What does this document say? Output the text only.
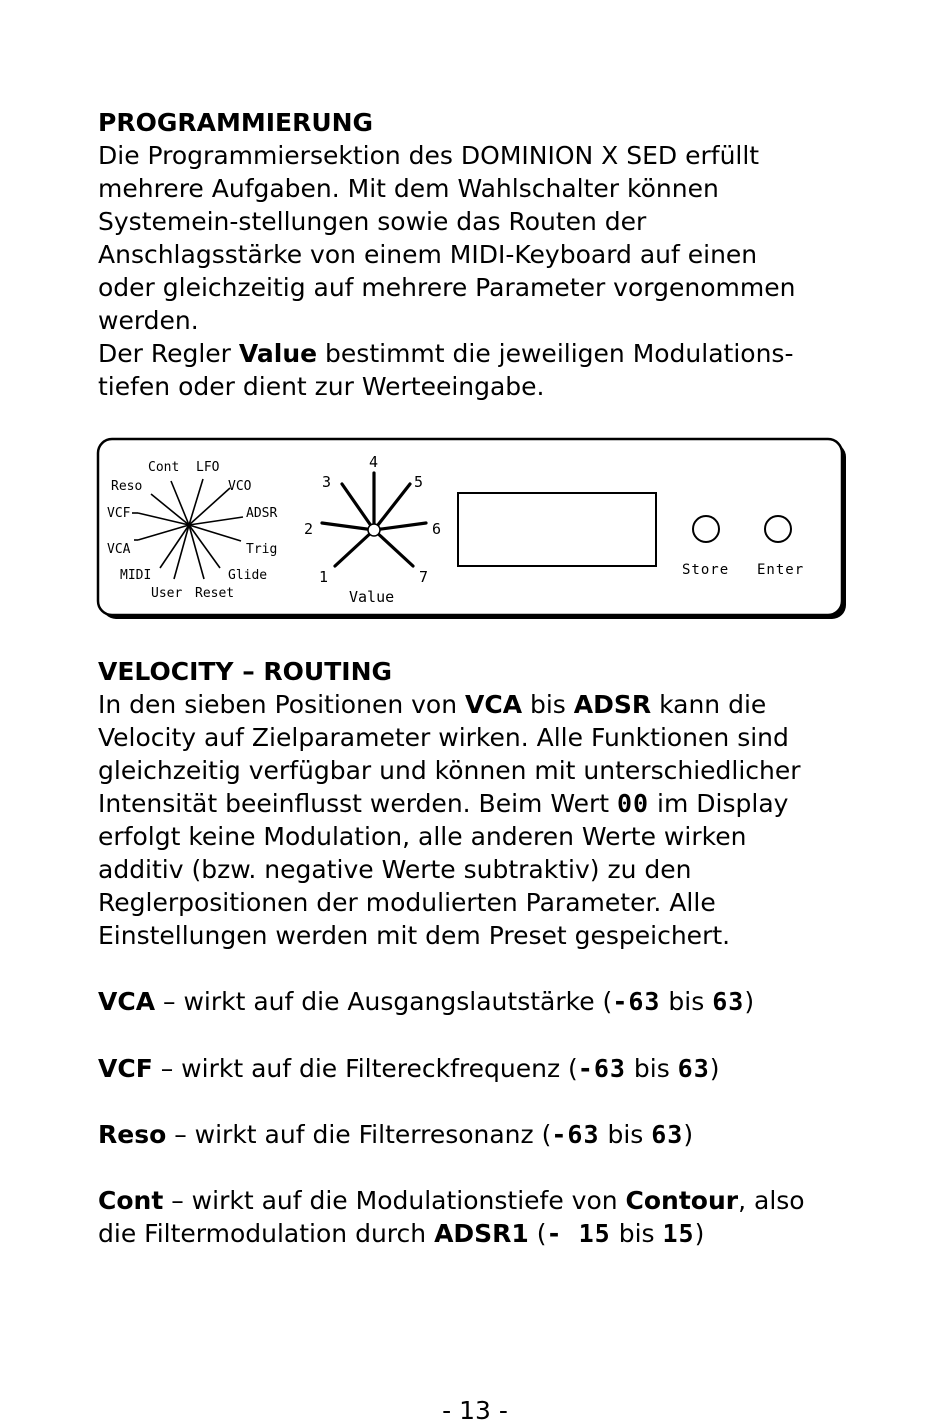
PROGRAMMIERUNG

Die Programmiersektion des DOMINION X SED erfüllt

mehrere Aufgaben. Mit dem Wahlschalter können

Systemein-stellungen sowie das Routen der

Anschlagsstärke von einem MIDI-Keyboard auf einen

oder gleichzeitig auf mehrere Parameter vorgenommen

werden.

Der Regler Value bestimmt die jeweiligen Modulations-

tiefen oder dient zur Werteeingabe.

Cont LFO
Reso	VCO
VCF	ADSR
VCA	Trig
MIDI	Glide
User Reset
1
2
3
4
5
6
7
Value
Store Enter

VELOCITY – ROUTING

In den sieben Positionen von VCA bis ADSR kann die

Velocity auf Zielparameter wirken. Alle Funktionen sind

gleichzeitig verfügbar und können mit unterschiedlicher

Intensität beeinflusst werden. Beim Wert 00 im Display

erfolgt keine Modulation, alle anderen Werte wirken

additiv (bzw. negative Werte subtraktiv) zu den

Reglerpositionen der modulierten Parameter. Alle

Einstellungen werden mit dem Preset gespeichert.

VCA – wirkt auf die Ausgangslautstärke (-63 bis 63)

VCF – wirkt auf die Filtereckfrequenz (-63 bis 63)

Reso – wirkt auf die Filterresonanz (-63 bis 63)

Cont – wirkt auf die Modulationstiefe von Contour, also

die Filtermodulation durch ADSR1 (- 15 bis 15)

- 13 -
